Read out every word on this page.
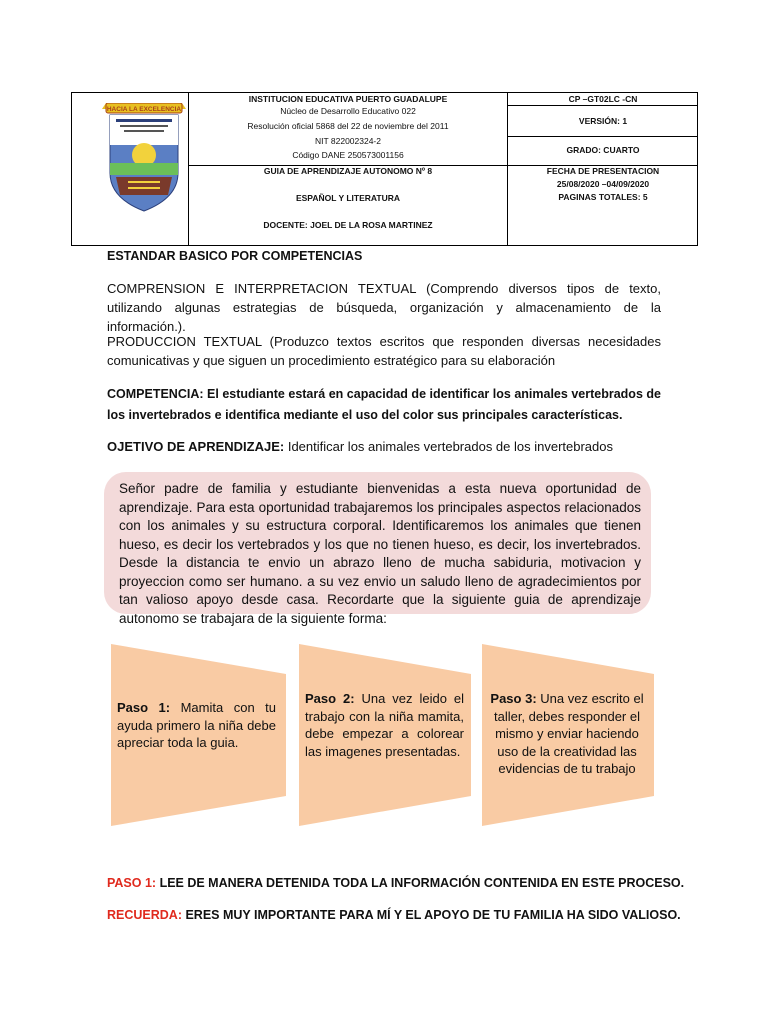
HACIA LA EXCELENCIA
INSTITUCION EDUCATIVA PUERTO GUADALUPE
Núcleo de Desarrollo Educativo 022
Resolución oficial 5868 del 22 de noviembre del 2011
NIT 822002324-2
Código DANE 250573001156
GUIA DE APRENDIZAJE AUTONOMO Nº 8
ESPAÑOL Y LITERATURA
DOCENTE: JOEL DE LA ROSA MARTINEZ
CP –GT02LC -CN
VERSIÓN: 1
GRADO: CUARTO
FECHA DE PRESENTACION
25/08/2020 –04/09/2020
PAGINAS TOTALES: 5
ESTANDAR BASICO POR COMPETENCIAS
COMPRENSION E INTERPRETACION TEXTUAL (Comprendo diversos tipos de texto, utilizando algunas estrategias de búsqueda, organización y almacenamiento de la información.).
PRODUCCION TEXTUAL (Produzco textos escritos que responden diversas necesidades comunicativas y que siguen un procedimiento estratégico para su elaboración
COMPETENCIA: El estudiante estará en capacidad de identificar los animales vertebrados de los invertebrados e identifica mediante el uso del color sus principales características.
OJETIVO DE APRENDIZAJE: Identificar los animales vertebrados de los invertebrados
Señor padre de familia y estudiante bienvenidas a esta nueva oportunidad de aprendizaje. Para esta oportunidad trabajaremos los principales aspectos relacionados con los animales y su estructura corporal. Identificaremos los animales que tienen hueso, es decir los vertebrados y los que no tienen hueso, es decir, los invertebrados. Desde la distancia te envio un abrazo lleno de mucha sabiduria, motivacion y proyeccion como ser humano. a su vez envio un saludo lleno de agradecimientos por tan valioso apoyo desde casa. Recordarte que la siguiente guia de aprendizaje autonomo se trabajara de la siguiente forma:
Paso 1: Mamita con tu ayuda primero la niña debe apreciar toda la guia.
Paso 2: Una vez leido el trabajo con la niña mamita, debe empezar a colorear las imagenes presentadas.
Paso 3: Una vez escrito el taller, debes responder el mismo y enviar haciendo uso de la creatividad las evidencias de tu trabajo
PASO 1: LEE DE MANERA DETENIDA TODA LA INFORMACIÓN CONTENIDA EN ESTE PROCESO.
RECUERDA: ERES MUY IMPORTANTE PARA MÍ Y EL APOYO DE TU FAMILIA HA SIDO VALIOSO.
